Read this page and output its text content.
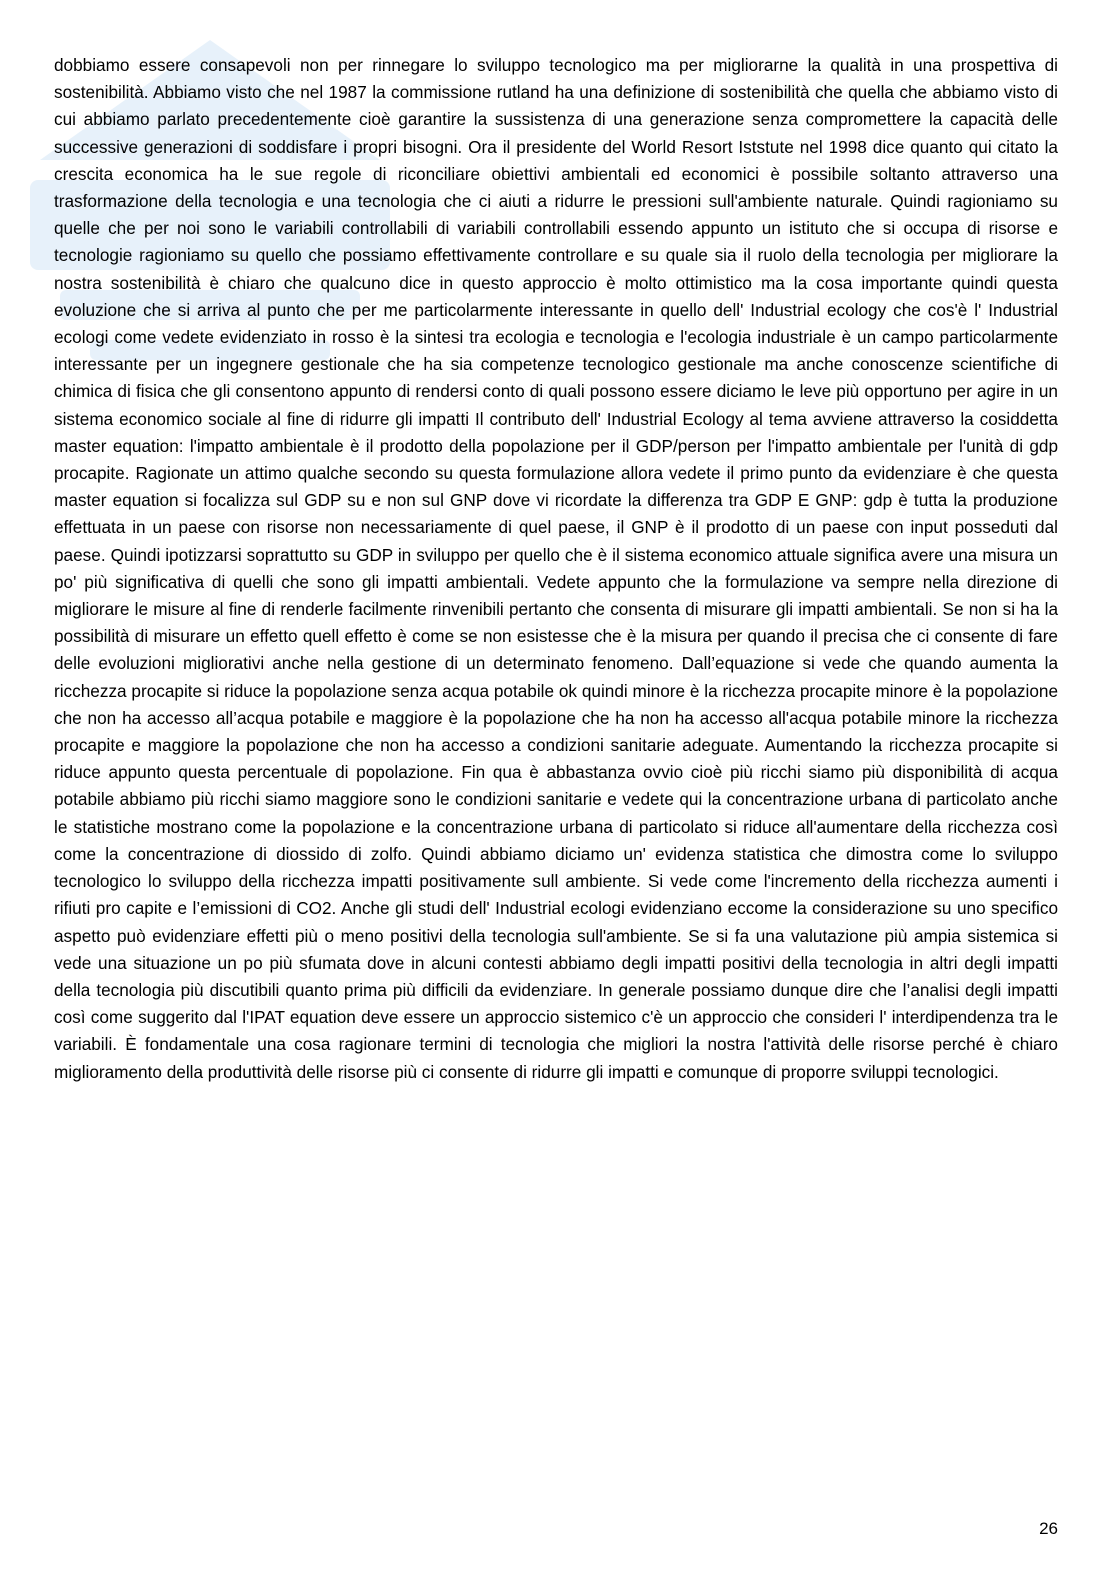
dobbiamo essere consapevoli non per rinnegare lo sviluppo tecnologico ma per migliorarne la qualità in una prospettiva di sostenibilità. Abbiamo visto che nel 1987 la commissione rutland ha una definizione di sostenibilità che quella che abbiamo visto di cui abbiamo parlato precedentemente cioè garantire la sussistenza di una generazione senza compromettere la capacità delle successive generazioni di soddisfare i propri bisogni. Ora il presidente del World Resort Iststute nel 1998 dice quanto qui citato la crescita economica ha le sue regole di riconciliare obiettivi ambientali ed economici è possibile soltanto attraverso una trasformazione della tecnologia e una tecnologia che ci aiuti a ridurre le pressioni sull'ambiente naturale. Quindi ragioniamo su quelle che per noi sono le variabili controllabili di variabili controllabili essendo appunto un istituto che si occupa di risorse e tecnologie ragioniamo su quello che possiamo effettivamente controllare e su quale sia il ruolo della tecnologia per migliorare la nostra sostenibilità è chiaro che qualcuno dice in questo approccio è molto ottimistico ma la cosa importante quindi questa evoluzione che si arriva al punto che per me particolarmente interessante in quello dell' Industrial ecology che cos'è l' Industrial ecologi come vedete evidenziato in rosso è la sintesi tra ecologia e tecnologia e l'ecologia industriale è un campo particolarmente interessante per un ingegnere gestionale che ha sia competenze tecnologico gestionale ma anche conoscenze scientifiche di chimica di fisica che gli consentono appunto di rendersi conto di quali possono essere diciamo le leve più opportuno per agire in un sistema economico sociale al fine di ridurre gli impatti Il contributo dell' Industrial Ecology al tema avviene attraverso la cosiddetta master equation: l'impatto ambientale è il prodotto della popolazione per il GDP/person per l'impatto ambientale per l'unità di gdp procapite. Ragionate un attimo qualche secondo su questa formulazione allora vedete il primo punto da evidenziare è che questa master equation si focalizza sul GDP su e non sul GNP dove vi ricordate la differenza tra GDP E GNP: gdp è tutta la produzione effettuata in un paese con risorse non necessariamente di quel paese, il GNP è il prodotto di un paese con input posseduti dal paese. Quindi ipotizzarsi soprattutto su GDP in sviluppo per quello che è il sistema economico attuale significa avere una misura un po' più significativa di quelli che sono gli impatti ambientali. Vedete appunto che la formulazione va sempre nella direzione di migliorare le misure al fine di renderle facilmente rinvenibili pertanto che consenta di misurare gli impatti ambientali. Se non si ha la possibilità di misurare un effetto quell effetto è come se non esistesse che è la misura per quando il precisa che ci consente di fare delle evoluzioni migliorativi anche nella gestione di un determinato fenomeno. Dall’equazione si vede che quando aumenta la ricchezza procapite si riduce la popolazione senza acqua potabile ok quindi minore è la ricchezza procapite minore è la popolazione che non ha accesso all’acqua potabile e maggiore è la popolazione che ha non ha accesso all'acqua potabile minore la ricchezza procapite e maggiore la popolazione che non ha accesso a condizioni sanitarie adeguate. Aumentando la ricchezza procapite si riduce appunto questa percentuale di popolazione. Fin qua è abbastanza ovvio cioè più ricchi siamo più disponibilità di acqua potabile abbiamo più ricchi siamo maggiore sono le condizioni sanitarie e vedete qui la concentrazione urbana di particolato anche le statistiche mostrano come la popolazione e la concentrazione urbana di particolato si riduce all'aumentare della ricchezza così come la concentrazione di diossido di zolfo. Quindi abbiamo diciamo un' evidenza statistica che dimostra come lo sviluppo tecnologico lo sviluppo della ricchezza impatti positivamente sull ambiente. Si vede come l'incremento della ricchezza aumenti i rifiuti pro capite e l’emissioni di CO2. Anche gli studi dell' Industrial ecologi evidenziano eccome la considerazione su uno specifico aspetto può evidenziare effetti più o meno positivi della tecnologia sull'ambiente. Se si fa una valutazione più ampia sistemica si vede una situazione un po più sfumata dove in alcuni contesti abbiamo degli impatti positivi della tecnologia in altri degli impatti della tecnologia più discutibili quanto prima più difficili da evidenziare. In generale possiamo dunque dire che l’analisi degli impatti così come suggerito dal l'IPAT equation deve essere un approccio sistemico c'è un approccio che consideri l' interdipendenza tra le variabili. È fondamentale una cosa ragionare termini di tecnologia che migliori la nostra l'attività delle risorse perché è chiaro miglioramento della produttività delle risorse più ci consente di ridurre gli impatti e comunque di proporre sviluppi tecnologici.

26
